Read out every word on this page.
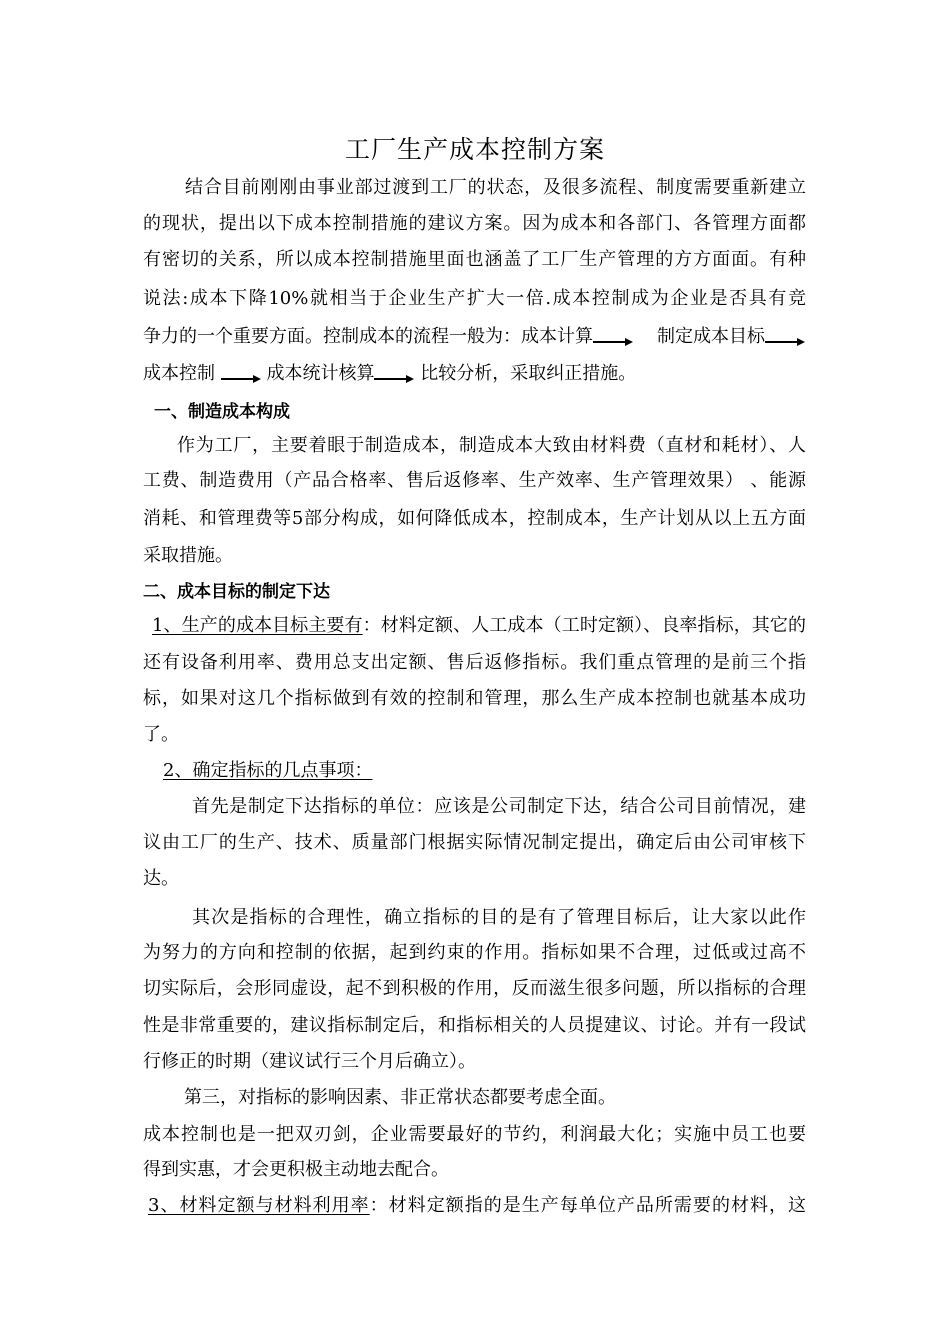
工厂生产成本控制方案
结合目前刚刚由事业部过渡到工厂的状态，及很多流程、制度需要重新建立
的现状，提出以下成本控制措施的建议方案。因为成本和各部门、各管理方面都
有密切的关系，所以成本控制措施里面也涵盖了工厂生产管理的方方面面。有种
说法:成本下降10%就相当于企业生产扩大一倍.成本控制成为企业是否具有竞
争力的一个重要方面。控制成本的流程一般为：成本计算	制定成本目标
成本控制	成本统计核算	比较分析，采取纠正措施。
一、制造成本构成
作为工厂，主要着眼于制造成本，制造成本大致由材料费（直材和耗材）、人
工费、制造费用（产品合格率、售后返修率、生产效率、生产管理效果） 、能源
消耗、和管理费等5部分构成，如何降低成本，控制成本，生产计划从以上五方面
采取措施。
二、成本目标的制定下达
1、生产的成本目标主要有：材料定额、人工成本（工时定额）、良率指标，其它的
还有设备利用率、费用总支出定额、售后返修指标。我们重点管理的是前三个指
标，如果对这几个指标做到有效的控制和管理，那么生产成本控制也就基本成功
了。
2、确定指标的几点事项：
首先是制定下达指标的单位：应该是公司制定下达，结合公司目前情况，建
议由工厂的生产、技术、质量部门根据实际情况制定提出，确定后由公司审核下
达。
其次是指标的合理性，确立指标的目的是有了管理目标后，让大家以此作
为努力的方向和控制的依据，起到约束的作用。指标如果不合理，过低或过高不
切实际后，会形同虚设，起不到积极的作用，反而滋生很多问题，所以指标的合理
性是非常重要的，建议指标制定后，和指标相关的人员提建议、讨论。并有一段试
行修正的时期（建议试行三个月后确立）。
第三，对指标的影响因素、非正常状态都要考虑全面。
成本控制也是一把双刃剑，企业需要最好的节约，利润最大化；实施中员工也要
得到实惠，才会更积极主动地去配合。
3、材料定额与材料利用率：材料定额指的是生产每单位产品所需要的材料，这
